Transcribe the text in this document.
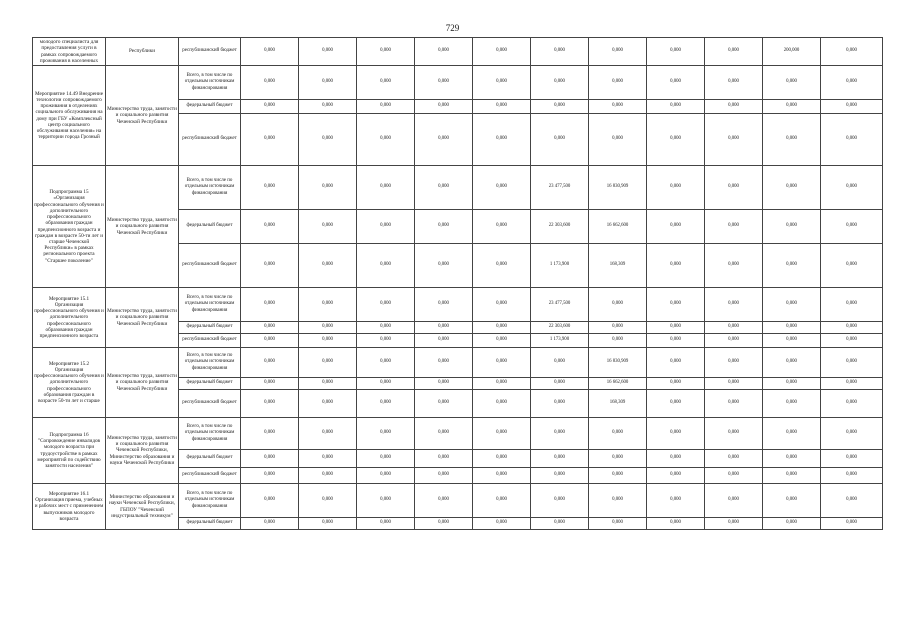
729
молодого специалиста для предоставления услуги в рамках сопровождаемого проживания в населенных	Республики	республиканский бюджет	0,000	0,000	0,000	0,000	0,000	0,000	0,000	0,000	0,000	200,000	0,000
Мероприятие 14.49 Внедрение технологии сопровождаемого проживания в отделениях социального обслуживания на дому при ГБУ «Комплексный центр социального обслуживания населения» на территории города Грозный	Министерство труда, занятости и социального развития Чеченской Республики	Всего, в том числе по отдельным источникам финансирования	0,000	0,000	0,000	0,000	0,000	0,000	0,000	0,000	0,000	0,000	0,000
		федеральный бюджет	0,000	0,000	0,000	0,000	0,000	0,000	0,000	0,000	0,000	0,000	0,000
		республиканский бюджет	0,000	0,000	0,000	0,000	0,000	0,000	0,000	0,000	0,000	0,000	0,000
Подпрограмма 15 «Организация профессионального обучения и дополнительного профессионального образования граждан предпенсионного возраста и граждан в возрасте 50-ти лет и старше Чеченской Республики» в рамках регионального проекта "Старшее поколение"	Министерство труда, занятости и социального развития Чеченской Республики	Всего, в том числе по отдельным источникам финансирования	0,000	0,000	0,000	0,000	0,000	23 477,500	16 830,909	0,000	0,000	0,000	0,000
		федеральный бюджет	0,000	0,000	0,000	0,000	0,000	22 303,600	16 662,600	0,000	0,000	0,000	0,000
		республиканский бюджет	0,000	0,000	0,000	0,000	0,000	1 173,900	168,309	0,000	0,000	0,000	0,000
Мероприятие 15.1 Организация профессионального обучения и дополнительного профессионального образования граждан предпенсионного возраста	Министерство труда, занятости и социального развития Чеченской Республики	Всего, в том числе по отдельным источникам финансирования	0,000	0,000	0,000	0,000	0,000	23 477,500	0,000	0,000	0,000	0,000	0,000
		федеральный бюджет	0,000	0,000	0,000	0,000	0,000	22 303,600	0,000	0,000	0,000	0,000	0,000
		республиканский бюджет	0,000	0,000	0,000	0,000	0,000	1 173,900	0,000	0,000	0,000	0,000	0,000
Мероприятие 15.2 Организация профессионального обучения и дополнительного профессионального образования граждан в возрасте 50-ти лет и старше	Министерство труда, занятости и социального развития Чеченской Республики	Всего, в том числе по отдельным источникам финансирования	0,000	0,000	0,000	0,000	0,000	0,000	16 830,909	0,000	0,000	0,000	0,000
		федеральный бюджет	0,000	0,000	0,000	0,000	0,000	0,000	16 662,600	0,000	0,000	0,000	0,000
		республиканский бюджет	0,000	0,000	0,000	0,000	0,000	0,000	168,309	0,000	0,000	0,000	0,000
Подпрограмма 16 "Сопровождение инвалидов молодого возраста при трудоустройстве в рамках мероприятий по содействию занятости населения"	Министерство труда, занятости и социального развития Чеченской Республики, Министерство образования и науки Чеченской Республики	Всего, в том числе по отдельным источникам финансирования	0,000	0,000	0,000	0,000	0,000	0,000	0,000	0,000	0,000	0,000	0,000
		федеральный бюджет	0,000	0,000	0,000	0,000	0,000	0,000	0,000	0,000	0,000	0,000	0,000
		республиканский бюджет	0,000	0,000	0,000	0,000	0,000	0,000	0,000	0,000	0,000	0,000	0,000
Мероприятие 16.1 Организация приема, учебных и рабочих мест с применением выпускников молодого возраста	Министерство образования и науки Чеченской Республики, ГБПОУ "Чеченский индустриальный техникум"	Всего, в том числе по отдельным источникам финансирования	0,000	0,000	0,000	0,000	0,000	0,000	0,000	0,000	0,000	0,000	0,000
		федеральный бюджет	0,000	0,000	0,000	0,000	0,000	0,000	0,000	0,000	0,000	0,000	0,000
